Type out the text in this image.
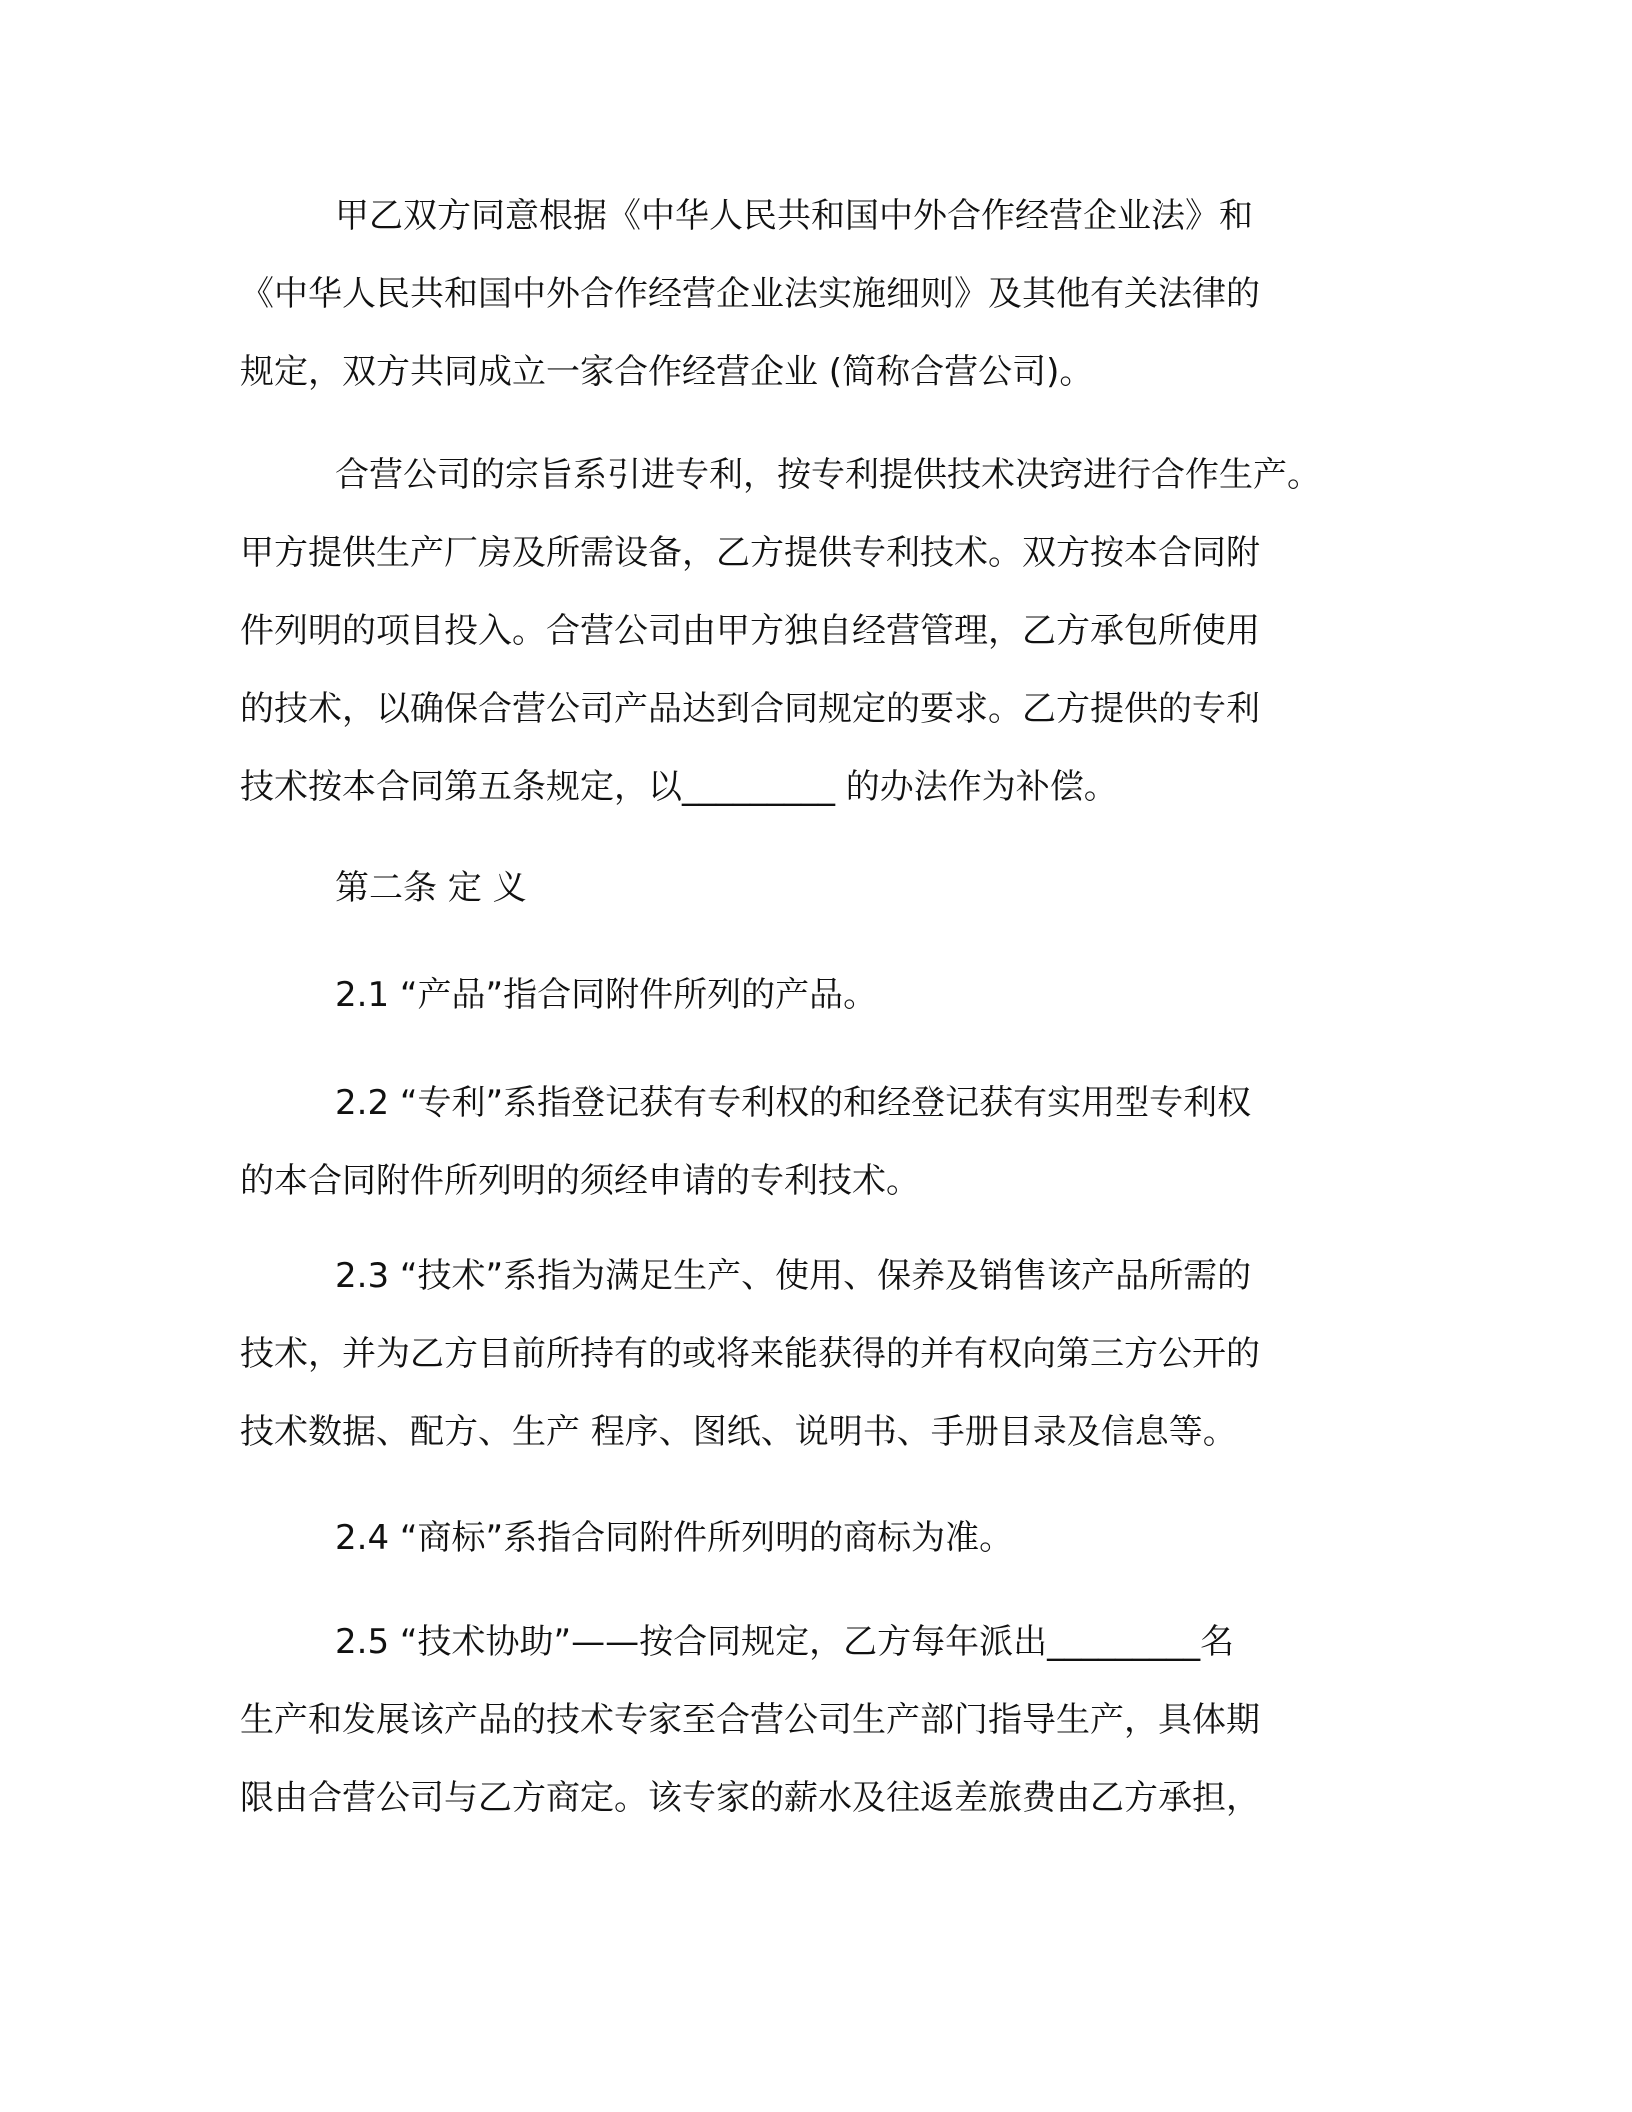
甲乙双方同意根据《中华人民共和国中外合作经营企业法》和
《中华人民共和国中外合作经营企业法实施细则》及其他有关法律的
规定，双方共同成立一家合作经营企业 (简称合营公司)。
合营公司的宗旨系引进专利，按专利提供技术决窍进行合作生产。
甲方提供生产厂房及所需设备，乙方提供专利技术。双方按本合同附
件列明的项目投入。合营公司由甲方独自经营管理，乙方承包所使用
的技术，以确保合营公司产品达到合同规定的要求。乙方提供的专利
技术按本合同第五条规定，以_________ 的办法作为补偿。
第二条 定 义
2.1 “产品”指合同附件所列的产品。
2.2 “专利”系指登记获有专利权的和经登记获有实用型专利权
的本合同附件所列明的须经申请的专利技术。
2.3 “技术”系指为满足生产、使用、保养及销售该产品所需的
技术，并为乙方目前所持有的或将来能获得的并有权向第三方公开的
技术数据、配方、生产 程序、图纸、说明书、手册目录及信息等。
2.4 “商标”系指合同附件所列明的商标为准。
2.5 “技术协助”——按合同规定，乙方每年派出_________名
生产和发展该产品的技术专家至合营公司生产部门指导生产，具体期
限由合营公司与乙方商定。该专家的薪水及往返差旅费由乙方承担，
